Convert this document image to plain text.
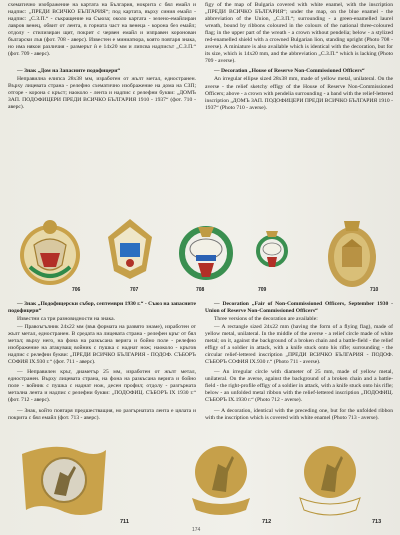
схематично изображение на картата на България, нокрита с бял емайл и надпис: „ПРЕДИ ВСИЧКО БЪЛГАРИЯ“; под картата, върху синия емайл - надпис: „С.З.П.“ - съкращение на Съюза; около картата - зелено-емайлиран лавров венец, обвит от лента, в горната част на венеца - корона без емайл; отдолу - стилизиран щит, покрит с червен емайл и изправен коронован български лъв (фот. 708 - аверс). Известен е миниатюра, която повтаря знака, но има някои различия - размерът ѝ е 14х20 мм и липсва надписът „С.З.П.“ (фот. 709 - аверс).

— Знак „Дом на Запасните подофицери“

Неправилна елипса 28х38 мм, изработен от жълт метал, едностранен. Върху лицевата страна - релефно схематично изображение на дома на СЗП; отгоре - корона с кръст; наоколо - лента и надпис с релефни букви: „ДОМЪ ЗАП. ПОДОФИЦЕРИ ПРЕДИ ВСИЧКО БЪЛГАРИЯ 1910 - 1937“ (фот. 710 - аверс).

figy of the map of Bulgaria covered with white enamel, with the inscription „ПРЕДИ ВСИЧКО БЪЛГАРИЯ“; under the map, on the blue enamel - the abbreviation of the Union, „С.З.П.“; surrounding - a green-enamelled laurel wreath, bound by ribbons coloured in the colours of the national three-coloured flag; in the upper part of the wreath - a crown without pendelia; below - a stylized red-enamelled shield with a crowned Bulgarian lion, standing upright (Photo 708 - averse). A miniature is also available which is identical with the decoration, but for its size, which is 14x20 mm, and the abbreviation „С.З.П.“ which is lacking (Photo 709 - averse).

— Decoration „House of Reserve Non-Commissioned Officers“

An irregular ellipse sized 28x38 mm, made of yellow metal, unilateral. On the averse - the relief sketchy effigy of the House of Reserve Non-Commissioned Officers; above - a crown with pendelia surrounding - a band with the relief-lettered inscription „ДОМЪ ЗАП. ПОДОФИЦЕРИ ПРЕДИ ВСИЧКО БЪЛГАРИЯ 1910 - 1937“ (Photo 710 - averse).

706	707	708	709	710

— Знак „Подофицерски събор, септември 1930 г.“ - Съюз на запасните подофицери“

Известни са три разновидности на знака.

— Правоъгълник 24х22 мм (във формата на развято знаме), изработен от жълт метал, едностранен. В средата на лицевата страна - релефен кръг от бял метал; върху него, на фона на разкъсана верига и бойно поле - релефно изображение на атакуващ войник с пушка с наднат нож; наоколо - кръгов надпис с релефни букви: „ПРЕДИ ВСИЧКО БЪЛГАРИЯ - ПОДОФ. СЪБОРЪ СОФИЯ IX.930 г.“ (фот. 711 - аверс).

— Неправилен кръг, диаметър 25 мм, изработен от жълт метал, едностранен. Върху лицевата страна, на фона на разкъсана верига и бойно поле - войник с пушка с наднат нож, десен профил; отдолу - разгърната метална лента и надпис с релефни букви: „ПОДОФИЦ. СЪБОРЪ IX 1930 г.“ (фот. 712 - аверс).

— Знак, който повтаря предшестващия, но разгърнатата лента е цялата и покрита с бял емайл (фот. 713 - аверс).

— Decoration „Fair of Non-Commissioned Officers, September 1930 - Union of Reserve Non-Commissioned Officers“

Three versions of the decoration are available:

— A rectangle sized 24x22 mm (having the form of a flying flag), made of yellow metal, unilateral. In the middle of the averse - a relief circle made of white metal; on it, against the background of a broken chain and a battle-field - the relief effigy of a soldier in attack, with a knife stuck onto his rifle; surrounding - the circular relief-lettered inscription „ПРЕДИ ВСИЧКО БЪЛГАРИЯ - ПОДОФ. СЪБОРЪ СОФИЯ IX.930 г.“ (Photo 711 - averse).

— An irregular circle with diameter of 25 mm, made of yellow metal, unilateral. On the averse, against the background of a broken chain and a battle-field - the right-profile effigy of a soldier in attack, with a knife stuck onto his rifle; below - an unfolded metal ribbon with the relief-lettered inscription „ПОДОФИЦ. СЪБОРЪ IX.1930 г.“ (Photo 712 - averse).

— A decoration, identical with the preceding one, but for the unfolded ribbon with the inscription which is covered with white enamel (Photo 713 - averse).

711	712	713
174
